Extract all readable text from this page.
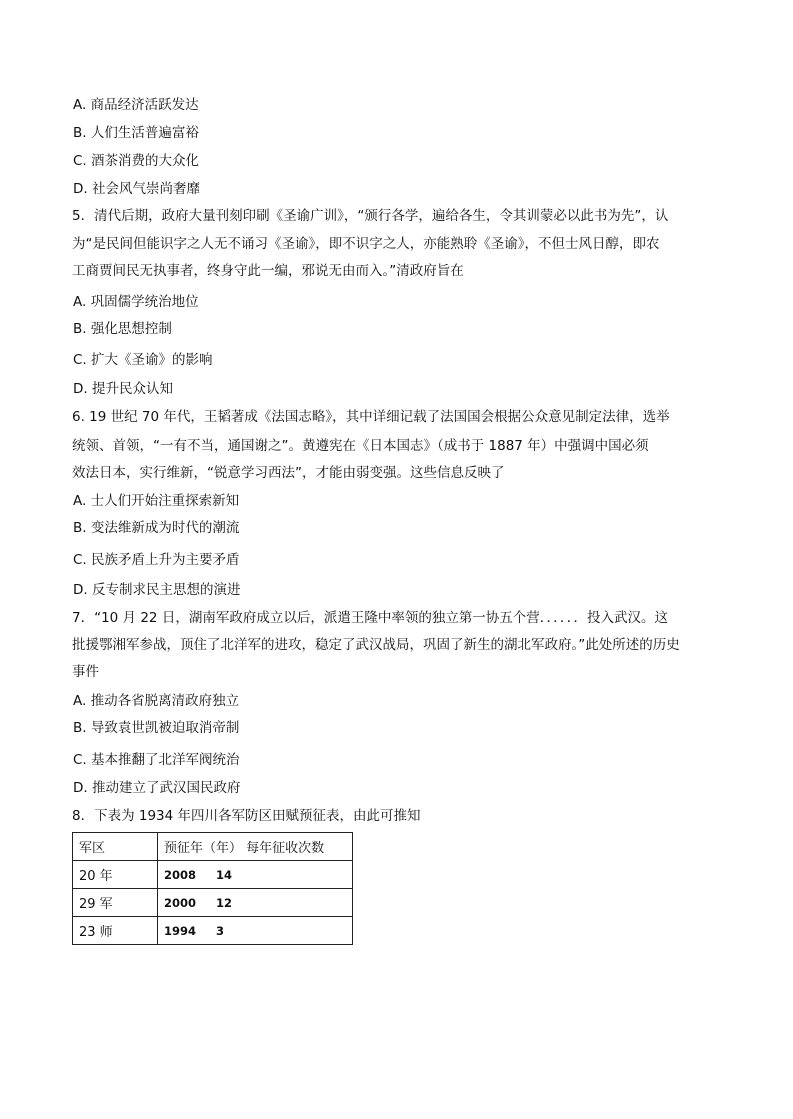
A. 商品经济活跃发达
B. 人们生活普遍富裕
C. 酒茶消费的大众化
D. 社会风气崇尚奢靡
5．清代后期，政府大量刊刻印刷《圣谕广训》，“颁行各学，遍给各生，令其训蒙必以此书为先”，认
为“是民间但能识字之人无不诵习《圣谕》，即不识字之人，亦能熟聆《圣谕》，不但士风日醇，即农
工商贾间民无执事者，终身守此一编，邪说无由而入。”清政府旨在
A. 巩固儒学统治地位
B. 强化思想控制
C. 扩大《圣谕》的影响
D. 提升民众认知
6. 19 世纪 70 年代，王韬著成《法国志略》，其中详细记载了法国国会根据公众意见制定法律，选举
统领、首领，“一有不当，通国谢之”。黄遵宪在《日本国志》（成书于 1887 年）中强调中国必须
效法日本，实行维新，“锐意学习西法”，才能由弱变强。这些信息反映了
A. 士人们开始注重探索新知
B. 变法维新成为时代的潮流
C. 民族矛盾上升为主要矛盾
D. 反专制求民主思想的演进
7．“10 月 22 日，湖南军政府成立以后，派遣王隆中率领的独立第一协五个营．．．．．．投入武汉。这
批援鄂湘军参战，顶住了北洋军的进攻，稳定了武汉战局，巩固了新生的湖北军政府。”此处所述的历史
事件
A. 推动各省脱离清政府独立
B. 导致袁世凯被迫取消帝制
C. 基本推翻了北洋军阀统治
D. 推动建立了武汉国民政府
8．下表为 1934 年四川各军防区田赋预征表，由此可推知
军区	预征年（年） 每年征收次数
20 年	2008 14
29 军	2000 12
23 师	1994 3
